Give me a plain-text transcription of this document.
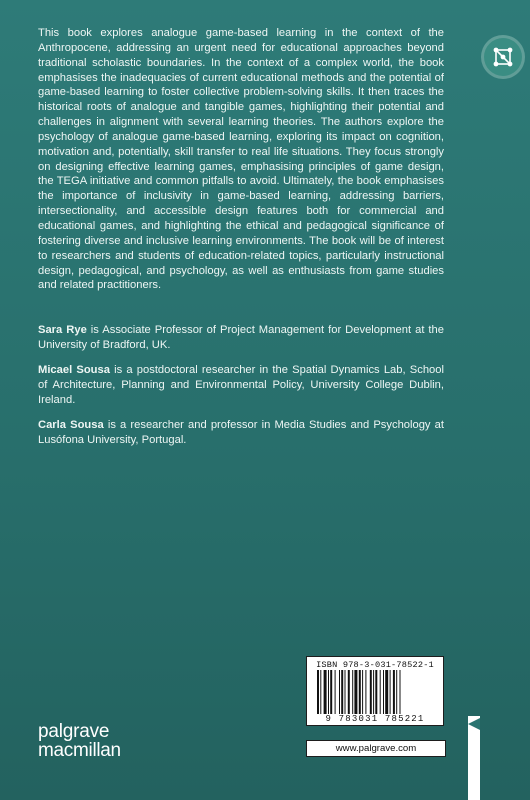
This book explores analogue game-based learning in the context of the Anthropocene, addressing an urgent need for educational approaches beyond traditional scholastic boundaries. In the context of a complex world, the book emphasises the inadequacies of current educational methods and the potential of game-based learning to foster collective problem-solving skills. It then traces the historical roots of analogue and tangible games, highlighting their potential and challenges in alignment with several learning theories. The authors explore the psychology of analogue game-based learning, exploring its impact on cognition, motivation and, potentially, skill transfer to real life situations. They focus strongly on designing effective learning games, emphasising principles of game design, the TEGA initiative and common pitfalls to avoid. Ultimately, the book emphasises the importance of inclusivity in game-based learning, addressing barriers, intersectionality, and accessible design features both for commercial and educational games, and highlighting the ethical and pedagogical significance of fostering diverse and inclusive learning environments. The book will be of interest to researchers and students of education-related topics, particularly instructional design, pedagogical, and psychology, as well as enthusiasts from game studies and related practitioners.

Sara Rye is Associate Professor of Project Management for Development at the University of Bradford, UK.

Micael Sousa is a postdoctoral researcher in the Spatial Dynamics Lab, School of Architecture, Planning and Environmental Policy, University College Dublin, Ireland.

Carla Sousa is a researcher and professor in Media Studies and Psychology at Lusófona University, Portugal.

ISBN 978-3-031-78522-1
9 783031 785221
www.palgrave.com
palgrave
macmillan
